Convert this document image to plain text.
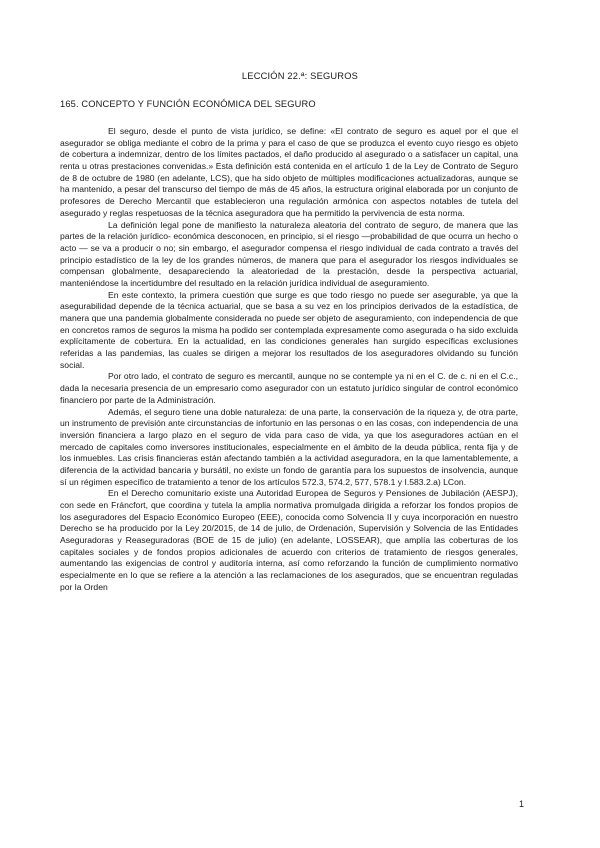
LECCIÓN 22.ª: SEGUROS
165. CONCEPTO Y FUNCIÓN ECONÓMICA DEL SEGURO

El seguro, desde el punto de vista jurídico, se define: «El contrato de seguro es aquel por el que el asegurador se obliga mediante el cobro de la prima y para el caso de que se produzca el evento cuyo riesgo es objeto de cobertura a indemnizar, dentro de los límites pactados, el daño producido al asegurado o a satisfacer un capital, una renta u otras prestaciones convenidas.» Esta definición está contenida en el artículo 1 de la Ley de Contrato de Seguro de 8 de octubre de 1980 (en adelante, LCS), que ha sido objeto de múltiples modificaciones actualizadoras, aunque se ha mantenido, a pesar del transcurso del tiempo de más de 45 años, la estructura original elaborada por un conjunto de profesores de Derecho Mercantil que establecieron una regulación armónica con aspectos notables de tutela del asegurado y reglas respetuosas de la técnica aseguradora que ha permitido la pervivencia de esta norma.

La definición legal pone de manifiesto la naturaleza aleatoria del contrato de seguro, de manera que las partes de la relación jurídico- económica desconocen, en principio, si el riesgo —probabilidad de que ocurra un hecho o acto — se va a producir o no; sin embargo, el asegurador compensa el riesgo individual de cada contrato a través del principio estadístico de la ley de los grandes números, de manera que para el asegurador los riesgos individuales se compensan globalmente, desapareciendo la aleatoriedad de la prestación, desde la perspectiva actuarial, manteniéndose la incertidumbre del resultado en la relación jurídica individual de aseguramiento.

En este contexto, la primera cuestión que surge es que todo riesgo no puede ser asegurable, ya que la asegurabilidad depende de la técnica actuarial, que se basa a su vez en los principios derivados de la estadística, de manera que una pandemia globalmente considerada no puede ser objeto de aseguramiento, con independencia de que en concretos ramos de seguros la misma ha podido ser contemplada expresamente como asegurada o ha sido excluida explícitamente de cobertura. En la actualidad, en las condiciones generales han surgido específicas exclusiones referidas a las pandemias, las cuales se dirigen a mejorar los resultados de los aseguradores olvidando su función social.

Por otro lado, el contrato de seguro es mercantil, aunque no se contemple ya ni en el C. de c. ni en el C.c., dada la necesaria presencia de un empresario como asegurador con un estatuto jurídico singular de control económico financiero por parte de la Administración.

Además, el seguro tiene una doble naturaleza: de una parte, la conservación de la riqueza y, de otra parte, un instrumento de previsión ante circunstancias de infortunio en las personas o en las cosas, con independencia de una inversión financiera a largo plazo en el seguro de vida para caso de vida, ya que los aseguradores actúan en el mercado de capitales como inversores institucionales, especialmente en el ámbito de la deuda pública, renta fija y de los inmuebles. Las crisis financieras están afectando también a la actividad aseguradora, en la que lamentablemente, a diferencia de la actividad bancaria y bursátil, no existe un fondo de garantía para los supuestos de insolvencia, aunque sí un régimen específico de tratamiento a tenor de los artículos 572.3, 574.2, 577, 578.1 y I.583.2.a) LCon.

En el Derecho comunitario existe una Autoridad Europea de Seguros y Pensiones de Jubilación (AESPJ), con sede en Fráncfort, que coordina y tutela la amplia normativa promulgada dirigida a reforzar los fondos propios de los aseguradores del Espacio Económico Europeo (EEE), conocida como Solvencia II y cuya incorporación en nuestro Derecho se ha producido por la Ley 20/2015, de 14 de julio, de Ordenación, Supervisión y Solvencia de las Entidades Aseguradoras y Reaseguradoras (BOE de 15 de julio) (en adelante, LOSSEAR), que amplía las coberturas de los capitales sociales y de fondos propios adicionales de acuerdo con criterios de tratamiento de riesgos generales, aumentando las exigencias de control y auditoría interna, así como reforzando la función de cumplimiento normativo especialmente en lo que se refiere a la atención a las reclamaciones de los asegurados, que se encuentran reguladas por la Orden

1
